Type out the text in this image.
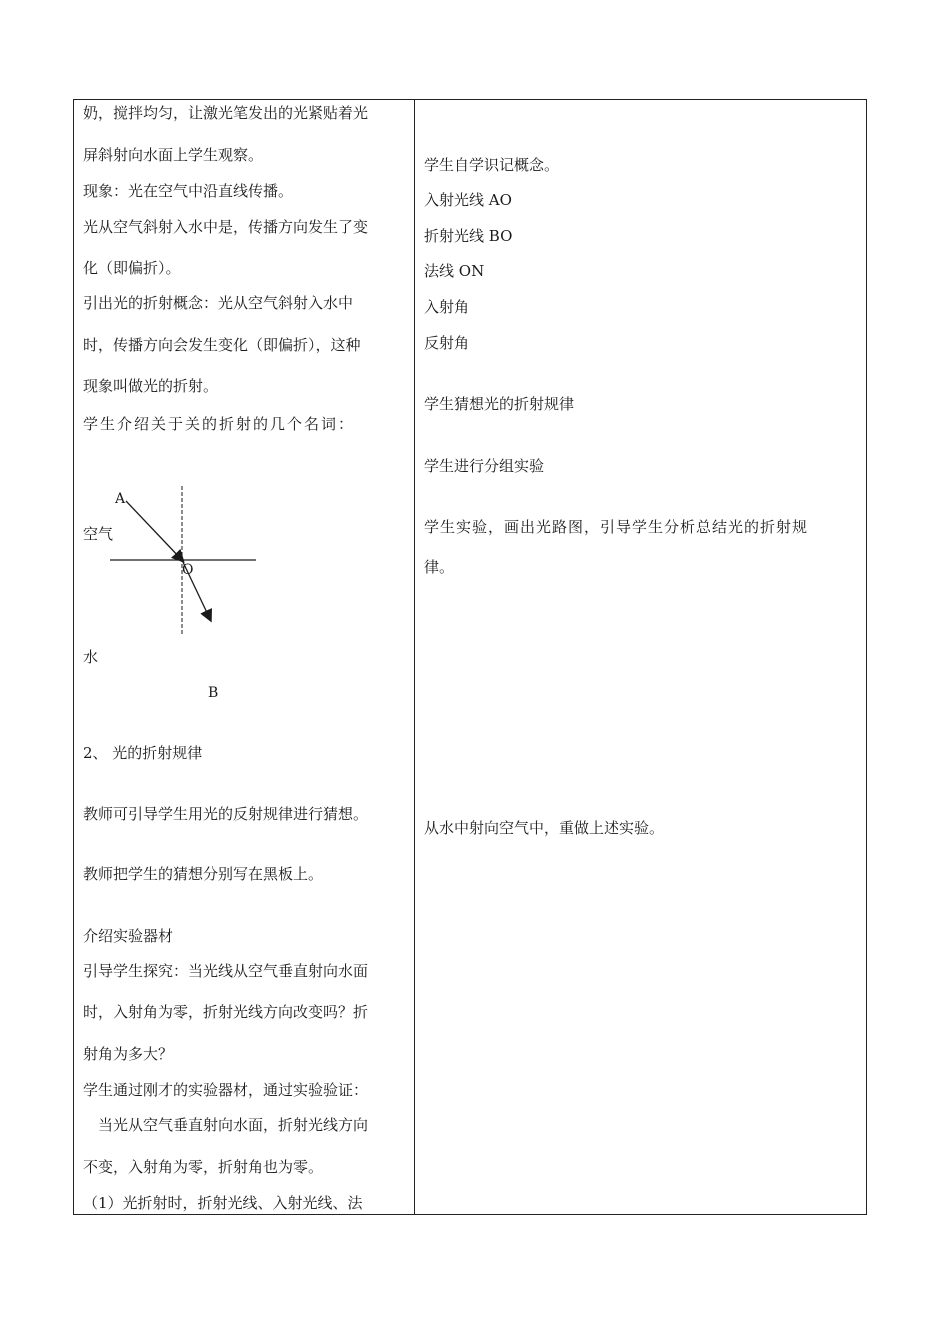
奶，搅拌均匀，让激光笔发出的光紧贴着光
屏斜射向水面上学生观察。
现象：光在空气中沿直线传播。
光从空气斜射入水中是，传播方向发生了变
化（即偏折）。
引出光的折射概念：光从空气斜射入水中
时，传播方向会发生变化（即偏折），这种
现象叫做光的折射。
学生介绍关于关的折射的几个名词：
A
空气
O
水
B
2、 光的折射规律
教师可引导学生用光的反射规律进行猜想。
教师把学生的猜想分别写在黑板上。
介绍实验器材
引导学生探究：当光线从空气垂直射向水面
时，入射角为零，折射光线方向改变吗？折
射角为多大？
学生通过刚才的实验器材，通过实验验证：
　当光从空气垂直射向水面，折射光线方向
不变，入射角为零，折射角也为零。
（1）光折射时，折射光线、入射光线、法
学生自学识记概念。
入射光线 AO
折射光线 BO
法线 ON
入射角
反射角
学生猜想光的折射规律
学生进行分组实验
学生实验，画出光路图，引导学生分析总结光的折射规
律。
从水中射向空气中，重做上述实验。
